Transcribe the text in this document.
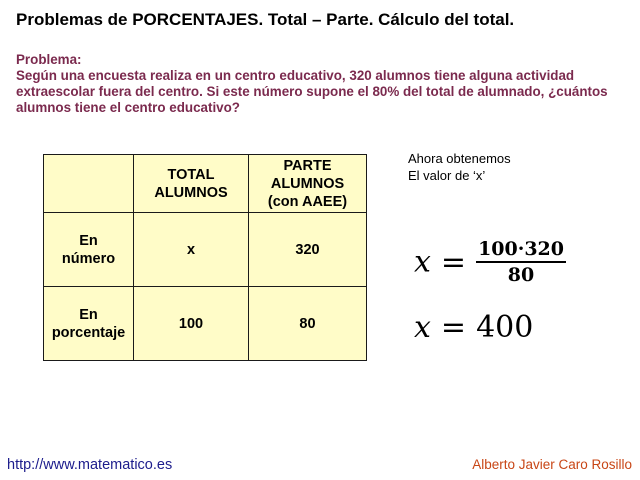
Problemas de PORCENTAJES. Total – Parte. Cálculo del total.
Problema:
Según una encuesta realiza en un centro educativo, 320 alumnos tiene alguna actividad extraescolar fuera del centro. Si este número supone el 80% del total de alumnado, ¿cuántos alumnos tiene el centro educativo?
	TOTAL ALUMNOS	PARTE ALUMNOS (con AAEE)
En número	x	320
En porcentaje	100	80
Ahora obtenemos
El valor de ‘x’
$x = \frac{100\cdot 320}{80}$
x = 400
http://www.matematico.es	Alberto Javier Caro Rosillo
